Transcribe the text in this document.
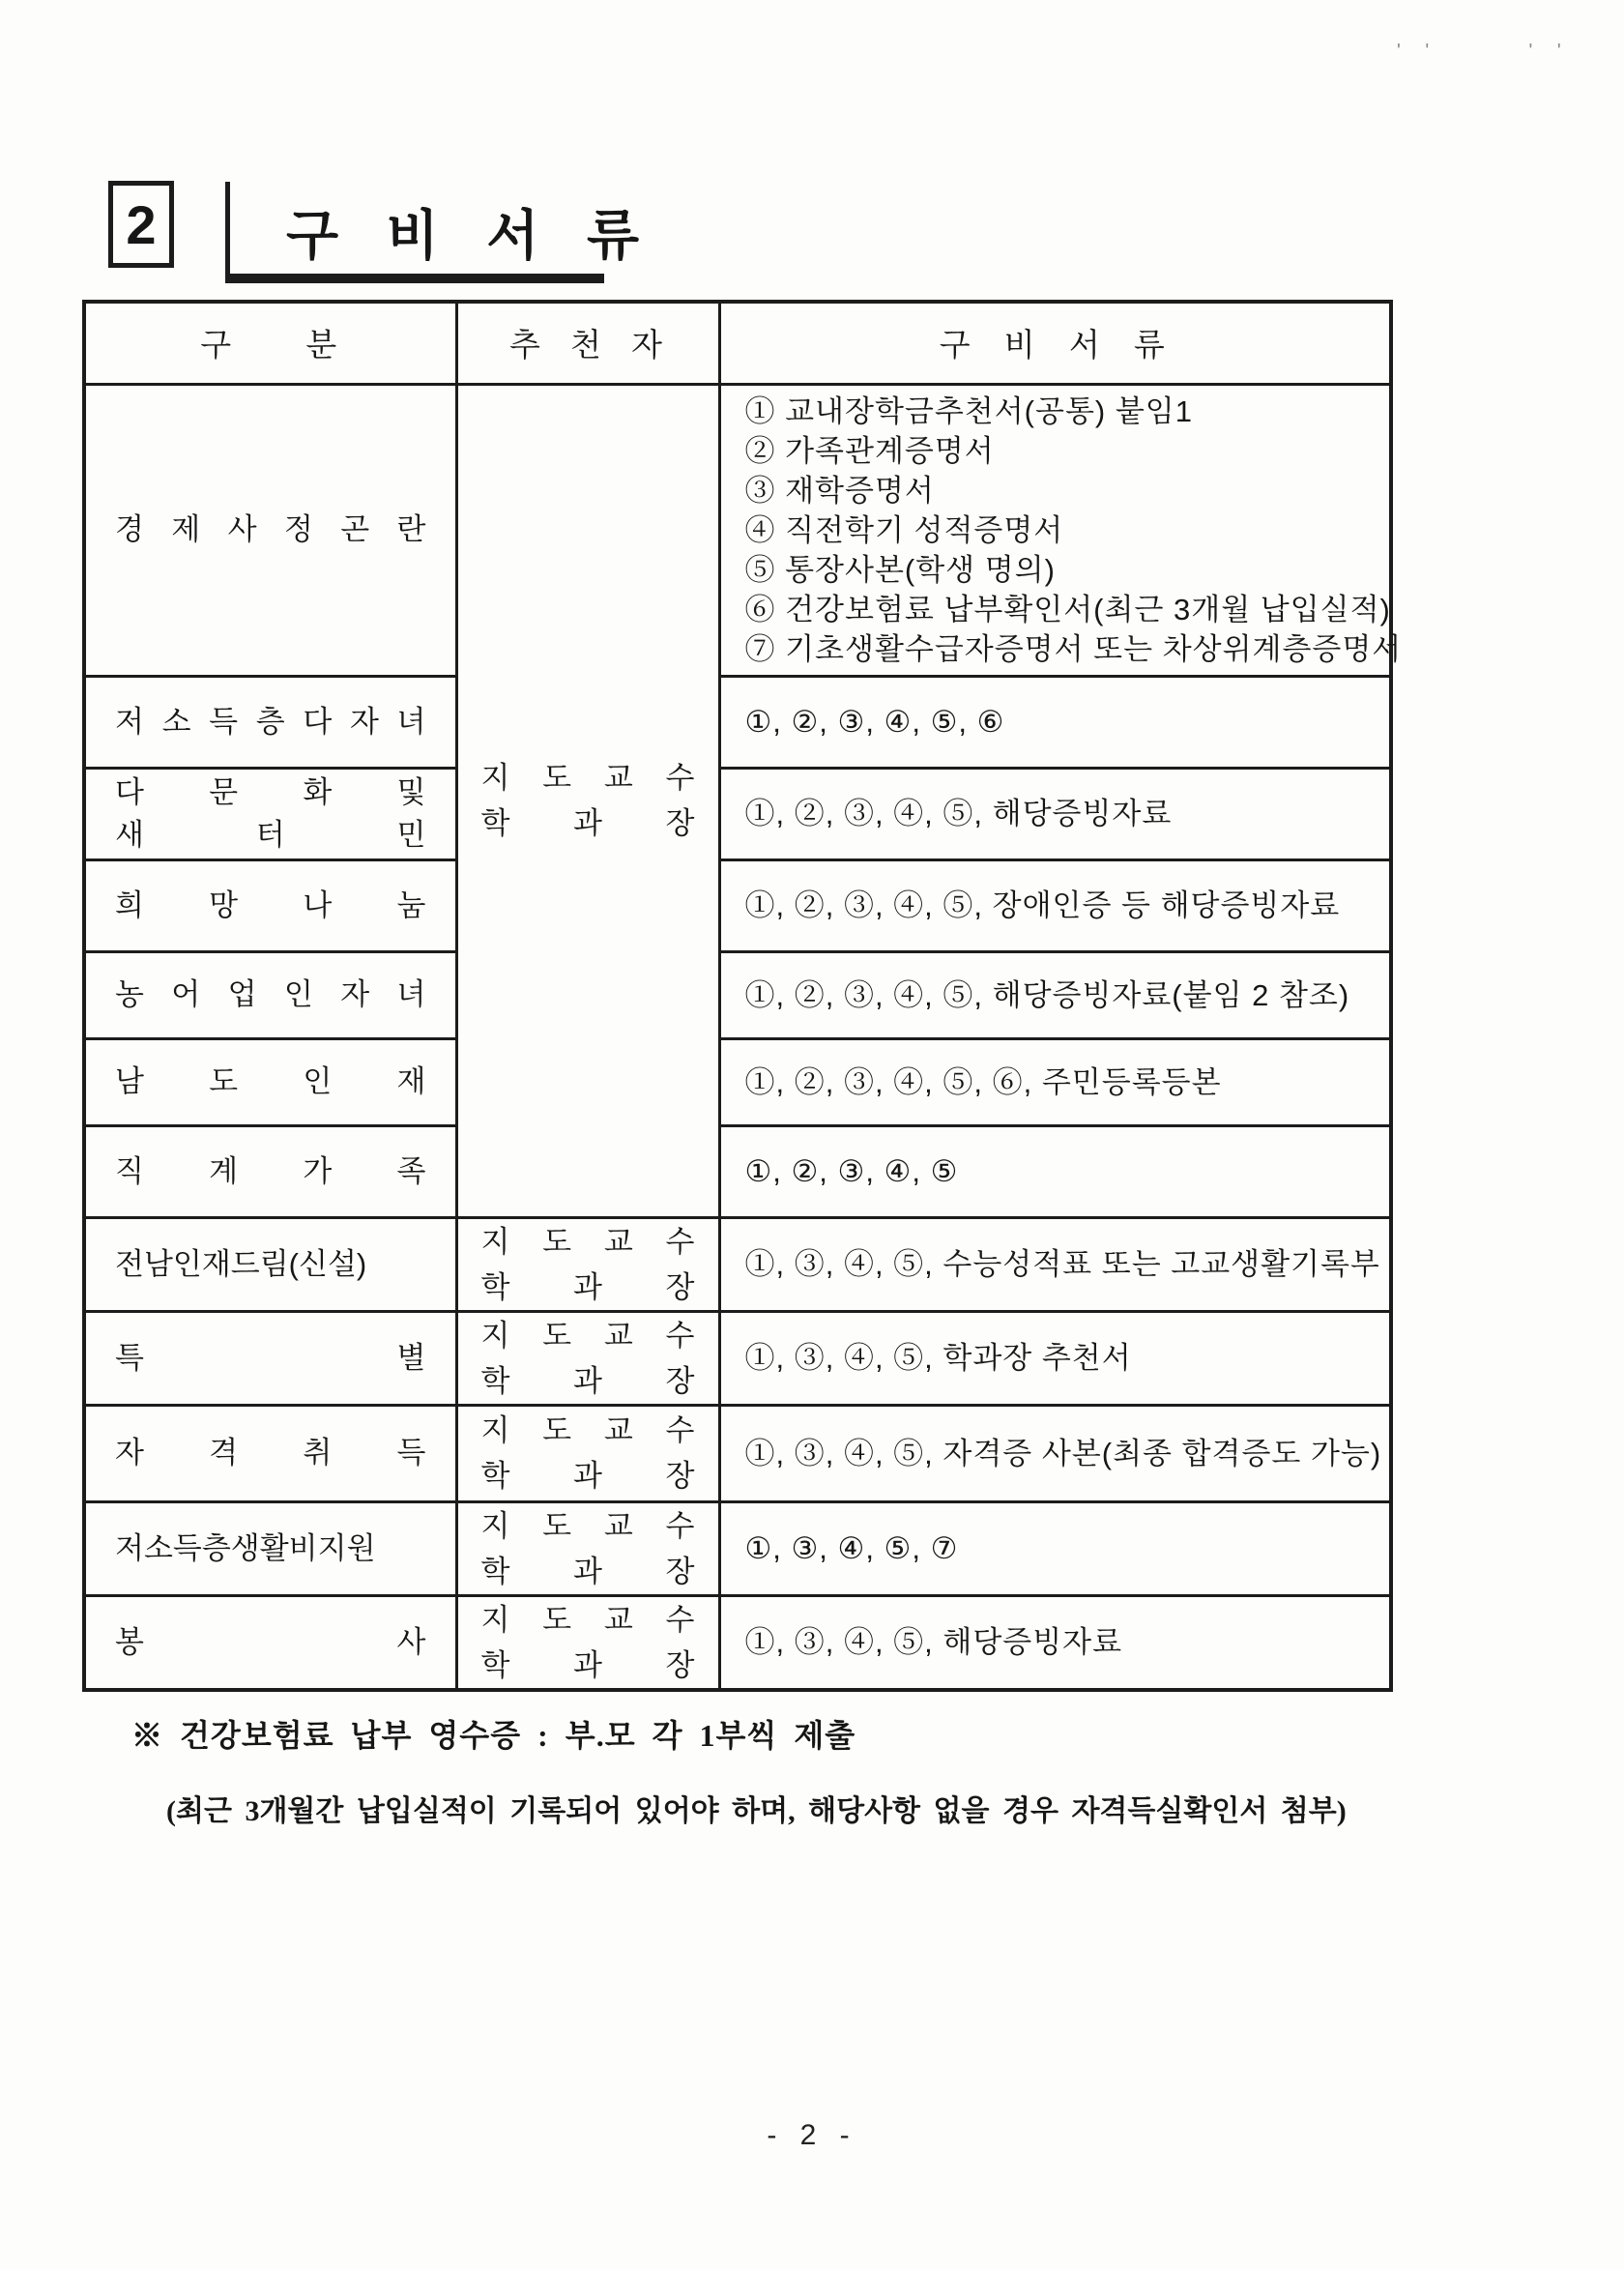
' '      ' '
2 구 비 서 류
구 분	추 천 자	구 비 서 류

경 제 사 정 곤 란

지 도 교 수
학 과 장

① 교내장학금추천서(공통) 붙임1
② 가족관계증명서
③ 재학증명서
④ 직전학기 성적증명서
⑤ 통장사본(학생 명의)
⑥ 건강보험료 납부확인서(최근 3개월 납입실적)
⑦ 기초생활수급자증명서 또는 차상위계층증명서

저 소 득 층 다 자 녀		①, ②, ③, ④, ⑤, ⑥

다 문 화 및
새 터 민		①, ②, ③, ④, ⑤, 해당증빙자료

희 망 나 눔		①, ②, ③, ④, ⑤, 장애인증 등 해당증빙자료

농 어 업 인 자 녀		①, ②, ③, ④, ⑤, 해당증빙자료(붙임 2 참조)

남 도 인 재		①, ②, ③, ④, ⑤, ⑥, 주민등록등본

직 계 가 족		①, ②, ③, ④, ⑤

전남인재드림(신설)	지 도 교 수
학 과 장	①, ③, ④, ⑤, 수능성적표 또는 고교생활기록부

특 별	지 도 교 수
학 과 장	①, ③, ④, ⑤, 학과장 추천서

자 격 취 득	지 도 교 수
학 과 장	①, ③, ④, ⑤, 자격증 사본(최종 합격증도 가능)

저소득층생활비지원	지 도 교 수
학 과 장	①, ③, ④, ⑤, ⑦

봉 사	지 도 교 수
학 과 장	①, ③, ④, ⑤, 해당증빙자료
※ 건강보험료 납부 영수증 : 부.모 각 1부씩 제출
(최근 3개월간 납입실적이 기록되어 있어야 하며, 해당사항 없을 경우 자격득실확인서 첨부)
- 2 -
